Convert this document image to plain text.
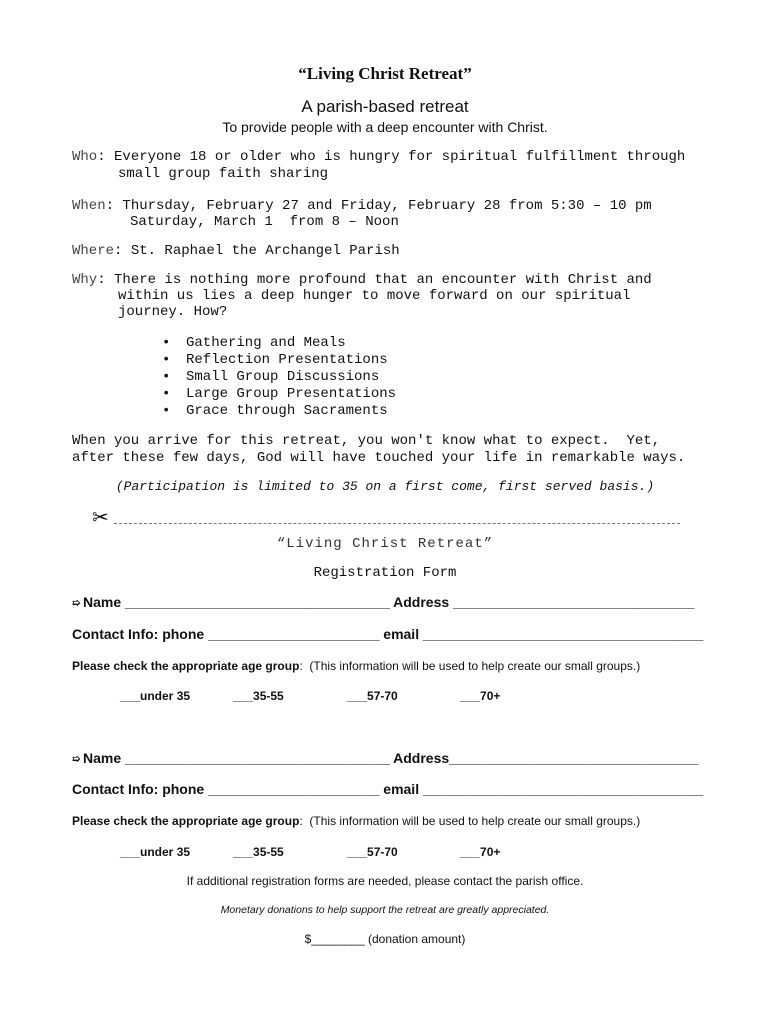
“Living Christ Retreat”
A parish-based retreat
To provide people with a deep encounter with Christ.
Who: Everyone 18 or older who is hungry for spiritual fulfillment through
small group faith sharing
When: Thursday, February 27 and Friday, February 28 from 5:30 – 10 pm
Saturday, March 1  from 8 – Noon
Where: St. Raphael the Archangel Parish
Why: There is nothing more profound that an encounter with Christ and
within us lies a deep hunger to move forward on our spiritual
journey. How?
• Gathering and Meals
• Reflection Presentations
• Small Group Discussions
• Large Group Presentations
• Grace through Sacraments
When you arrive for this retreat, you won't know what to expect.  Yet,
after these few days, God will have touched your life in remarkable ways.
(Participation is limited to 35 on a first come, first served basis.)
✂
“Living Christ Retreat”
Registration Form
➯ Name __________________________________ Address _______________________________
Contact Info: phone ______________________ email ____________________________________
Please check the appropriate age group:  (This information will be used to help create our small groups.)
___under 35	___35-55	___57-70	___70+
➯ Name __________________________________ Address________________________________
Contact Info: phone ______________________ email ____________________________________
Please check the appropriate age group:  (This information will be used to help create our small groups.)
___under 35	___35-55	___57-70	___70+
If additional registration forms are needed, please contact the parish office.
Monetary donations to help support the retreat are greatly appreciated.
$________ (donation amount)
